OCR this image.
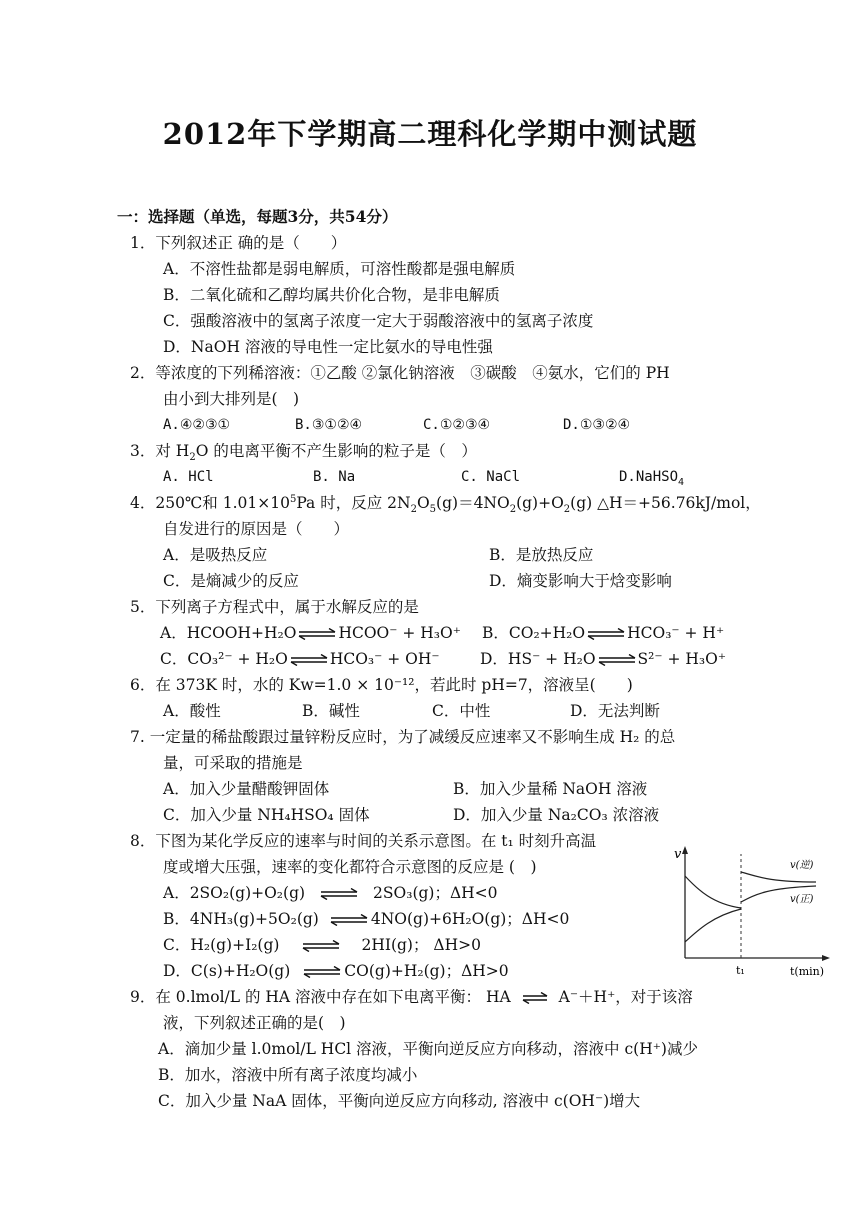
2012年下学期高二理科化学期中测试题
一：选择题（单选，每题3分，共54分）
1．下列叙述正 确的是（　　）
A．不溶性盐都是弱电解质，可溶性酸都是强电解质
B．二氧化硫和乙醇均属共价化合物，是非电解质
C．强酸溶液中的氢离子浓度一定大于弱酸溶液中的氢离子浓度
D．NaOH 溶液的导电性一定比氨水的导电性强
2．等浓度的下列稀溶液：①乙酸 ②氯化钠溶液　③碳酸　④氨水，它们的 PH
由小到大排列是(　)
A.④②③①	B.③①②④	C.①②③④	D.①③②④
3．对 $H_2O$ 的电离平衡不产生影响的粒子是（　）
A. HCl	B. Na	C. NaCl	D.NaHSO$_4$
4．250℃和 $1.01\times 10^5Pa$ 时，反应 $2N_2O_5(g)=4NO_2(g)+O_2(g)$ △H＝+56.76kJ/mol，
自发进行的原因是（　　）
A．是吸热反应	B．是放热反应
C．是熵减少的反应	D．熵变影响大于焓变影响
5．下列离子方程式中，属于水解反应的是
A．HCOOH+H₂O⇌HCOO⁻ + H₃O⁺ B．CO₂+H₂O⇌HCO₃⁻ + H⁺
C．CO₃²⁻ + H₂O⇌HCO₃⁻ + OH⁻	D．HS⁻ + H₂O⇌S²⁻ + H₃O⁺
6．在 373K 时，水的 Kw=1.0 × 10⁻¹²，若此时 pH=7，溶液呈(　　)
A．酸性	B．碱性	C．中性	D．无法判断
7. 一定量的稀盐酸跟过量锌粉反应时，为了减缓反应速率又不影响生成 H₂ 的总
量，可采取的措施是
A．加入少量醋酸钾固体	B．加入少量稀 NaOH 溶液
C．加入少量 NH₄HSO₄ 固体	D．加入少量 Na₂CO₃ 浓溶液
8．下图为某化学反应的速率与时间的关系示意图。在 t₁ 时刻升高温
度或增大压强，速率的变化都符合示意图的反应是 (　)
A．2SO₂(g)+O₂(g) ⇌ 2SO₃(g)；ΔH<0
B．4NH₃(g)+5O₂(g) ⇌ 4NO(g)+6H₂O(g)；ΔH<0
C．H₂(g)+I₂(g) ⇌ 2HI(g)； ΔH>0
D．C(s)+H₂O(g) ⇌ CO(g)+H₂(g)；ΔH>0
v
t(min)
t₁
v(逆)
v(正)
9．在 0.lmol/L 的 HA 溶液中存在如下电离平衡： HA ⇌ A⁻＋H⁺，对于该溶
液，下列叙述正确的是(　)
A．滴加少量 l.0mol/L HCl 溶液，平衡向逆反应方向移动，溶液中 c(H⁺)减少
B．加水，溶液中所有离子浓度均减小
C．加入少量 NaA 固体，平衡向逆反应方向移动, 溶液中 c(OH⁻)增大
